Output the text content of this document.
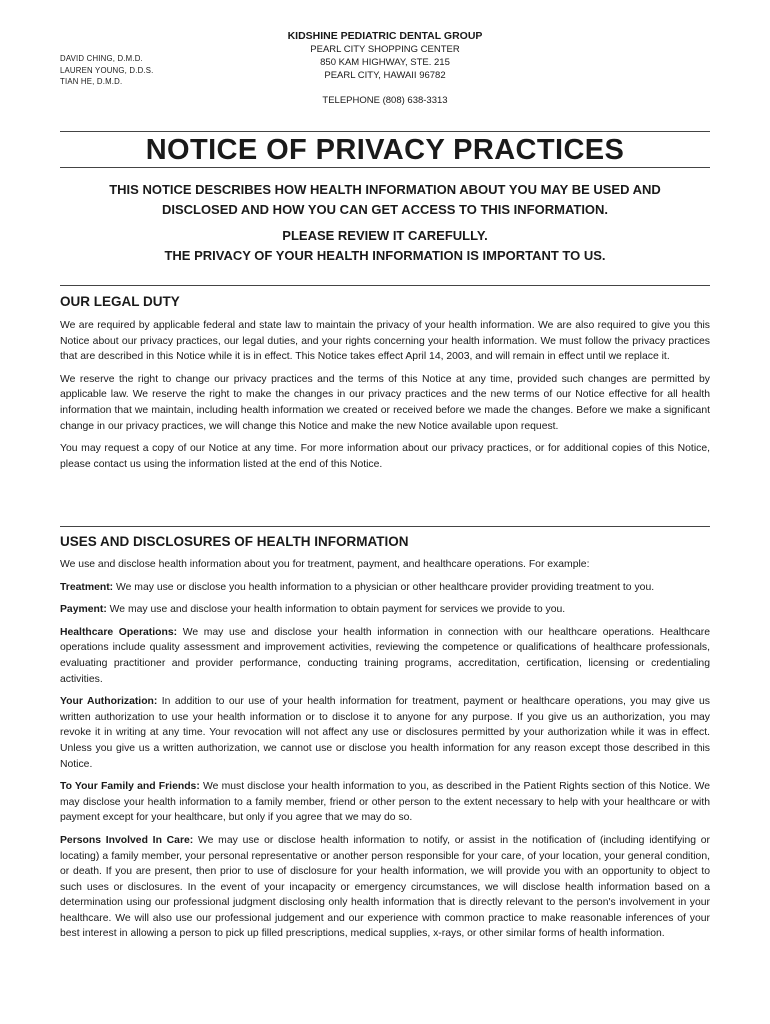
DAVID CHING, D.M.D.
LAUREN YOUNG, D.D.S.
TIAN HE, D.M.D.
KIDSHINE PEDIATRIC DENTAL GROUP
PEARL CITY SHOPPING CENTER
850 KAM HIGHWAY, STE. 215
PEARL CITY, HAWAII 96782
TELEPHONE (808) 638-3313
NOTICE OF PRIVACY PRACTICES
THIS NOTICE DESCRIBES HOW HEALTH INFORMATION ABOUT YOU MAY BE USED AND
DISCLOSED AND HOW YOU CAN GET ACCESS TO THIS INFORMATION.
PLEASE REVIEW IT CAREFULLY.
THE PRIVACY OF YOUR HEALTH INFORMATION IS IMPORTANT TO US.
OUR LEGAL DUTY

We are required by applicable federal and state law to maintain the privacy of your health information. We are also required to give you this Notice about our privacy practices, our legal duties, and your rights concerning your health information. We must follow the privacy practices that are described in this Notice while it is in effect. This Notice takes effect April 14, 2003, and will remain in effect until we replace it.

We reserve the right to change our privacy practices and the terms of this Notice at any time, provided such changes are permitted by applicable law. We reserve the right to make the changes in our privacy practices and the new terms of our Notice effective for all health information that we maintain, including health information we created or received before we made the changes. Before we make a significant change in our privacy practices, we will change this Notice and make the new Notice available upon request.

You may request a copy of our Notice at any time. For more information about our privacy practices, or for additional copies of this Notice, please contact us using the information listed at the end of this Notice.

USES AND DISCLOSURES OF HEALTH INFORMATION

We use and disclose health information about you for treatment, payment, and healthcare operations. For example:

Treatment: We may use or disclose you health information to a physician or other healthcare provider providing treatment to you.

Payment: We may use and disclose your health information to obtain payment for services we provide to you.

Healthcare Operations: We may use and disclose your health information in connection with our healthcare operations. Healthcare operations include quality assessment and improvement activities, reviewing the competence or qualifications of healthcare professionals, evaluating practitioner and provider performance, conducting training programs, accreditation, certification, licensing or credentialing activities.

Your Authorization: In addition to our use of your health information for treatment, payment or healthcare operations, you may give us written authorization to use your health information or to disclose it to anyone for any purpose. If you give us an authorization, you may revoke it in writing at any time. Your revocation will not affect any use or disclosures permitted by your authorization while it was in effect. Unless you give us a written authorization, we cannot use or disclose you health information for any reason except those described in this Notice.

To Your Family and Friends: We must disclose your health information to you, as described in the Patient Rights section of this Notice. We may disclose your health information to a family member, friend or other person to the extent necessary to help with your healthcare or with payment except for your healthcare, but only if you agree that we may do so.

Persons Involved In Care: We may use or disclose health information to notify, or assist in the notification of (including identifying or locating) a family member, your personal representative or another person responsible for your care, of your location, your general condition, or death. If you are present, then prior to use of disclosure for your health information, we will provide you with an opportunity to object to such uses or disclosures. In the event of your incapacity or emergency circumstances, we will disclose health information based on a determination using our professional judgment disclosing only health information that is directly relevant to the person's involvement in your healthcare. We will also use our professional judgement and our experience with common practice to make reasonable inferences of your best interest in allowing a person to pick up filled prescriptions, medical supplies, x-rays, or other similar forms of health information.
